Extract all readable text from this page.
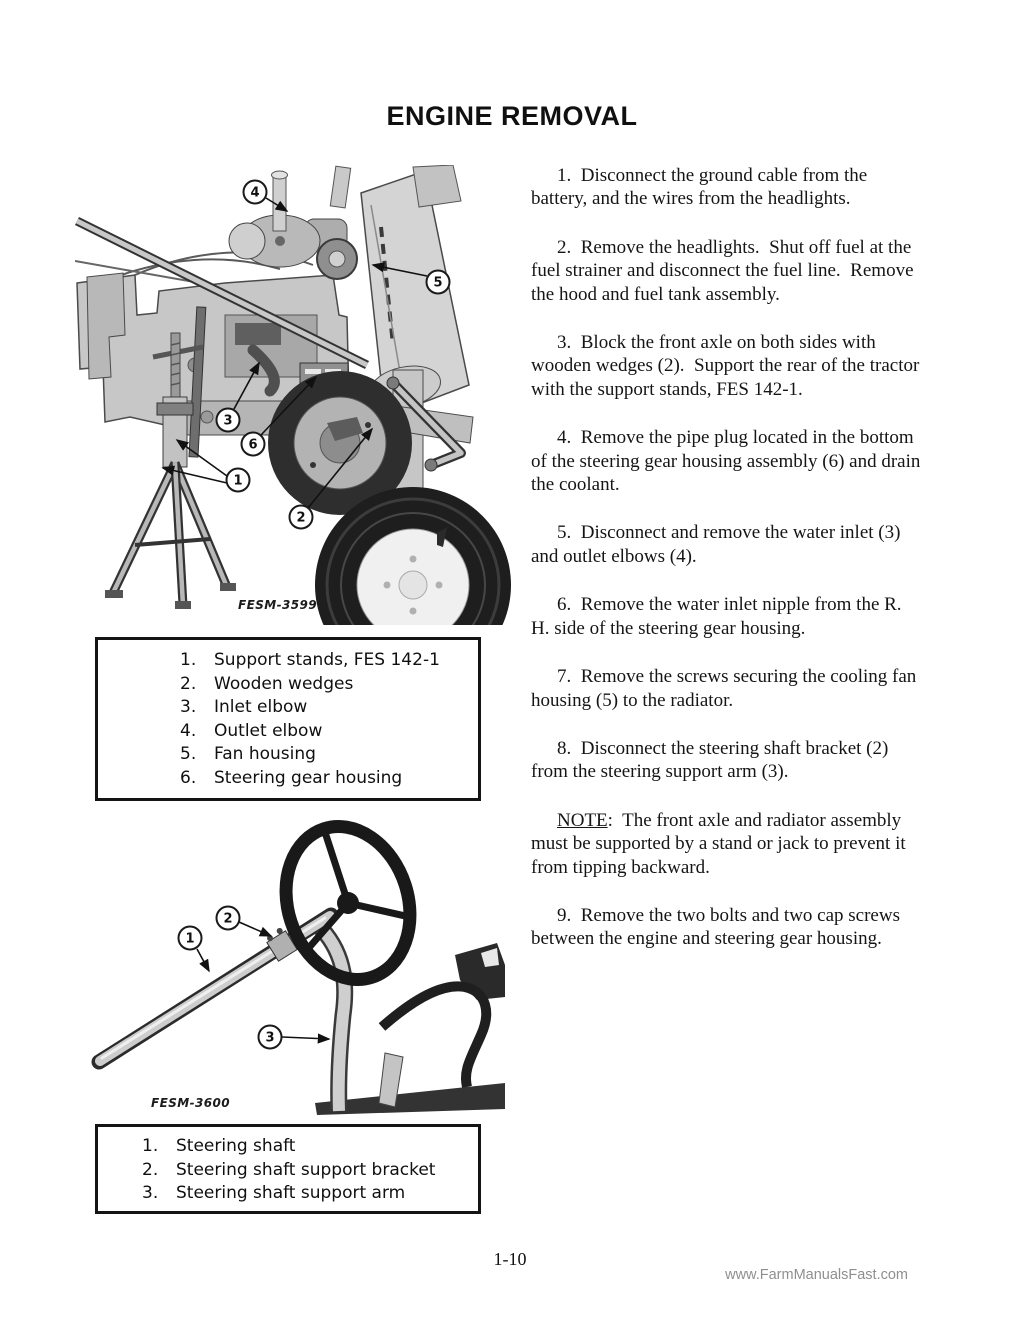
ENGINE REMOVAL
4
5
3
6
1
2
FESM-3599
1.	Support stands, FES 142-1
2.	Wooden wedges
3.	Inlet elbow
4.	Outlet elbow
5.	Fan housing
6.	Steering gear housing
2
1
3
FESM-3600
1.	Steering shaft
2.	Steering shaft support bracket
3.	Steering shaft support arm

1.  Disconnect the ground cable from the battery, and the wires from the headlights.

2.  Remove the headlights.  Shut off fuel at the fuel strainer and disconnect the fuel line.  Remove the hood and fuel tank assembly.

3.  Block the front axle on both sides with wooden wedges (2).  Support the rear of the tractor with the support stands, FES 142-1.

4.  Remove the pipe plug located in the bottom of the steering gear housing assembly (6) and drain the coolant.

5.  Disconnect and remove the water inlet (3) and outlet elbows (4).

6.  Remove the water inlet nipple from the R. H. side of the steering gear housing.

7.  Remove the screws securing the cooling fan housing (5) to the radiator.

8.  Disconnect the steering shaft bracket (2) from the steering support arm (3).

NOTE:  The front axle and radiator assembly must be supported by a stand or jack to prevent it from tipping backward.

9.  Remove the two bolts and two cap screws between the engine and steering gear housing.

1-10
www.FarmManualsFast.com
